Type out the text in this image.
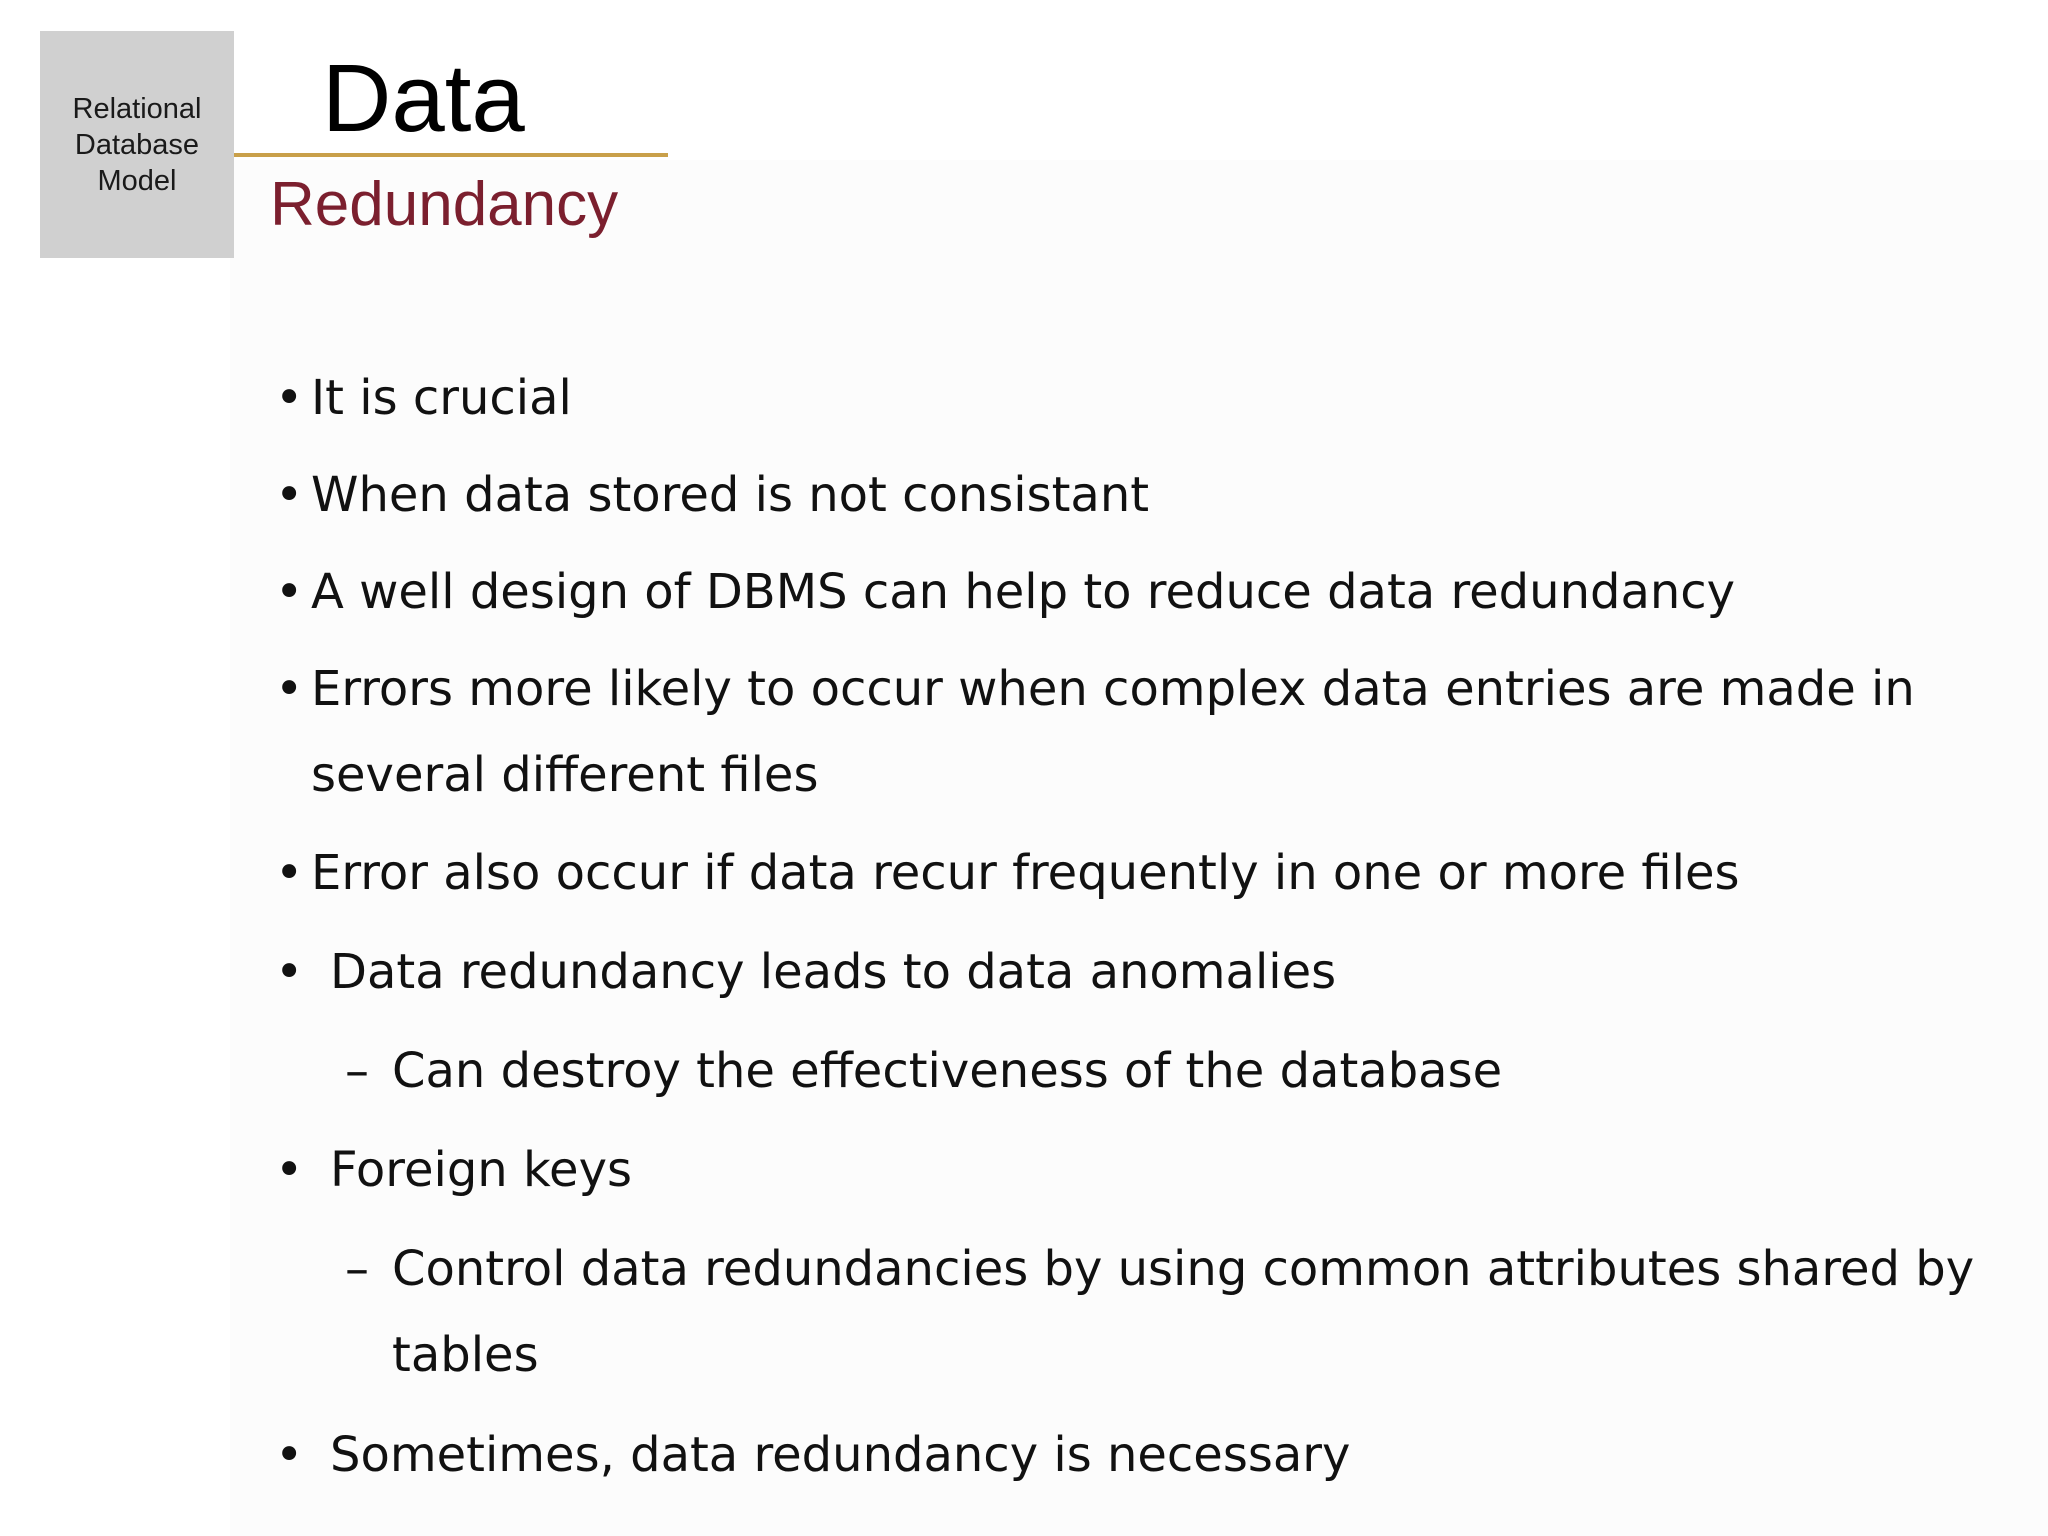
Relational
Database
Model
Data
Redundancy
• It is crucial
• When data stored is not consistant
• A well design of DBMS can help to reduce data redundancy
• Errors more likely to occur when complex data entries are made in several different files
• Error also occur if data recur frequently in one or more files
• Data redundancy leads to data anomalies
– Can destroy the effectiveness of the database
• Foreign keys
– Control data redundancies by using common attributes shared by tables
• Sometimes, data redundancy is necessary
